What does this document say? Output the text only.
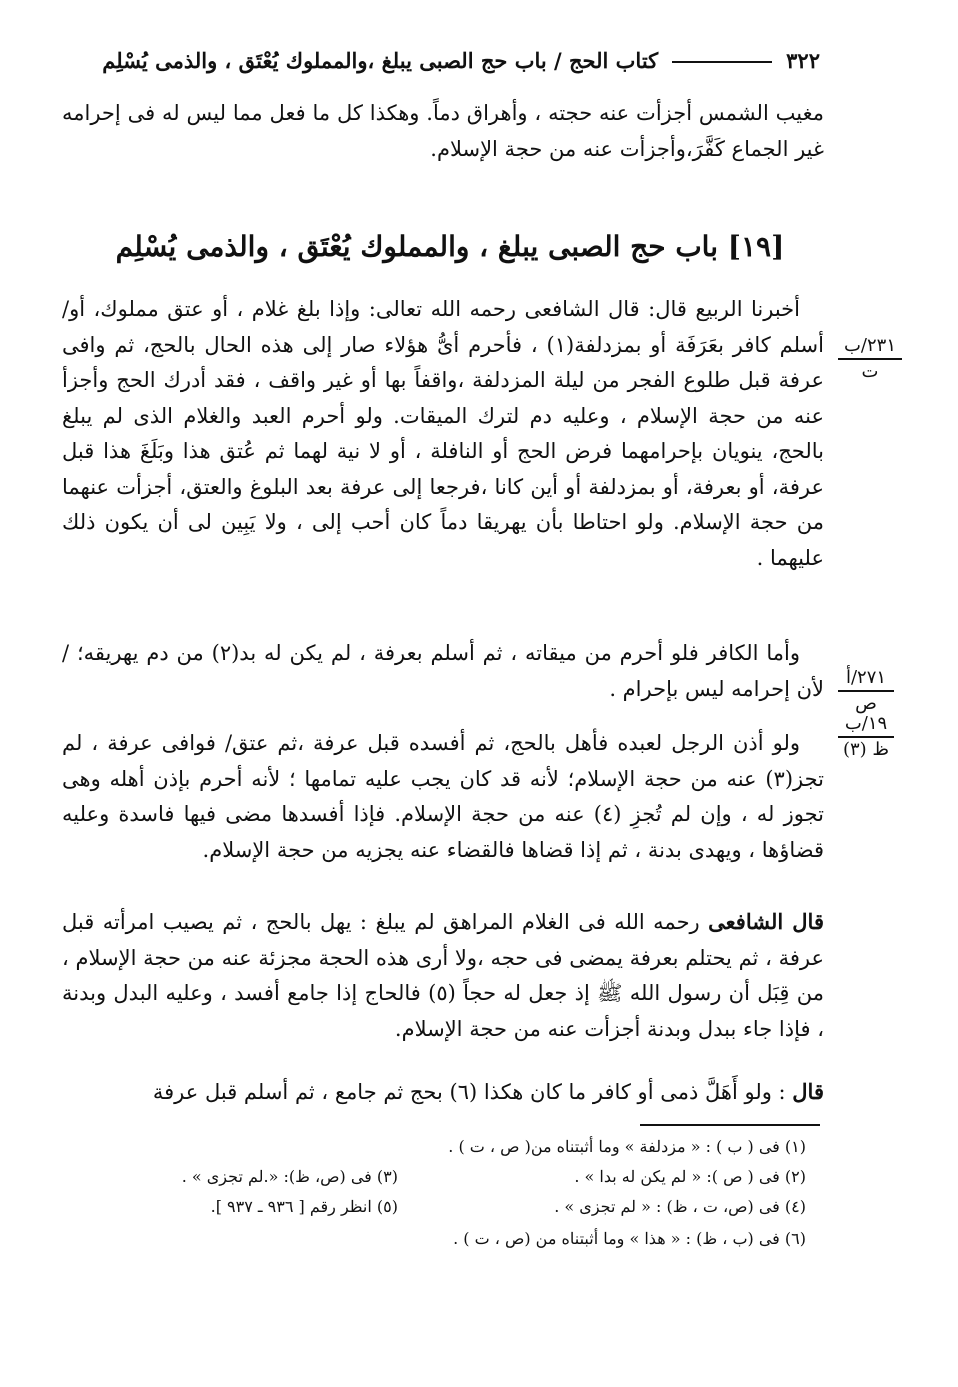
٣٢٢
كتاب الحج / باب حج الصبى يبلغ ،والمملوك يُعْتَق ، والذمى يُسْلِم
مغيب الشمس أجزأت عنه حجته ، وأهراق دماً. وهكذا كل ما فعل مما ليس له فى إحرامه غير الجماع كَفَّرَ،وأجزأت عنه من حجة الإسلام.
[١٩] باب حج الصبى يبلغ ، والمملوك يُعْتَق ، والذمى يُسْلِم
أخبرنا الربيع قال: قال الشافعى رحمه الله تعالى: وإذا بلغ غلام ، أو عتق مملوك، أو/ أسلم كافر بعَرَفَة أو بمزدلفة(١) ، فأحرم أىُّ هؤلاء صار إلى هذه الحال بالحج، ثم وافى عرفة قبل طلوع الفجر من ليلة المزدلفة ،واقفاً بها أو غير واقف ، فقد أدرك الحج وأجزأ عنه من حجة الإسلام ، وعليه دم لترك الميقات. ولو أحرم العبد والغلام الذى لم يبلغ بالحج، ينويان بإحرامهما فرض الحج أو النافلة ، أو لا نية لهما ثم عُتق هذا وبَلَغَ هذا قبل عرفة، أو بعرفة، أو بمزدلفة أو أين كانا ،فرجعا إلى عرفة بعد البلوغ والعتق، أجزأت عنهما من حجة الإسلام. ولو احتاطا بأن يهريقا دماً كان أحب إلى ، ولا يَبِين لى أن يكون ذلك عليهما .
وأما الكافر فلو أحرم من ميقاته ، ثم أسلم بعرفة ، لم يكن له بد(٢) من دم يهريقه؛ / لأن إحرامه ليس بإحرام .
ولو أذن الرجل لعبده فأهل بالحج، ثم أفسده قبل عرفة ،ثم عتق/ فوافى عرفة ، لم تجز(٣) عنه من حجة الإسلام؛ لأنه قد كان يجب عليه تمامها ؛ لأنه أحرم بإذن أهله وهى تجوز له ، وإن لم تُجزِ (٤) عنه من حجة الإسلام. فإذا أفسدها مضى فيها فاسدة وعليه قضاؤها ، ويهدى بدنة ، ثم إذا قضاها فالقضاء عنه يجزيه من حجة الإسلام.
قال الشافعى رحمه الله فى الغلام المراهق لم يبلغ : يهل بالحج ، ثم يصيب امرأته قبل عرفة ، ثم يحتلم بعرفة يمضى فى حجه ،ولا أرى هذه الحجة مجزئة عنه من حجة الإسلام ، من قِبَل أن رسول الله ﷺ إذ جعل له حجاً (٥) فالحاج إذا جامع أفسد ، وعليه البدل وبدنة ، فإذا جاء ببدل وبدنة أجزأت عنه من حجة الإسلام.
قال : ولو أَهَلَّ ذمى أو كافر ما كان هكذا (٦) بحج ثم جامع ، ثم أسلم قبل عرفة
٢٣١/ب
ت
٢٧١/أ
ص
١٩/ب
ظ (٣)
(١) فى ( ب ) : « مزدلفة » وما أثبتناه من( ص ، ت ) .
(٢) فى ( ص ): « لم يكن له بدا » .
(٣) فى (ص، ظ): «.لم تجزى » .
(٤) فى (ص، ت ، ظ) : « لم تجزى » .
(٥) انظر رقم [ ٩٣٦ ـ ٩٣٧ ].
(٦) فى (ب ، ظ) : « هذا » وما أثبتناه من (ص ، ت ) .
